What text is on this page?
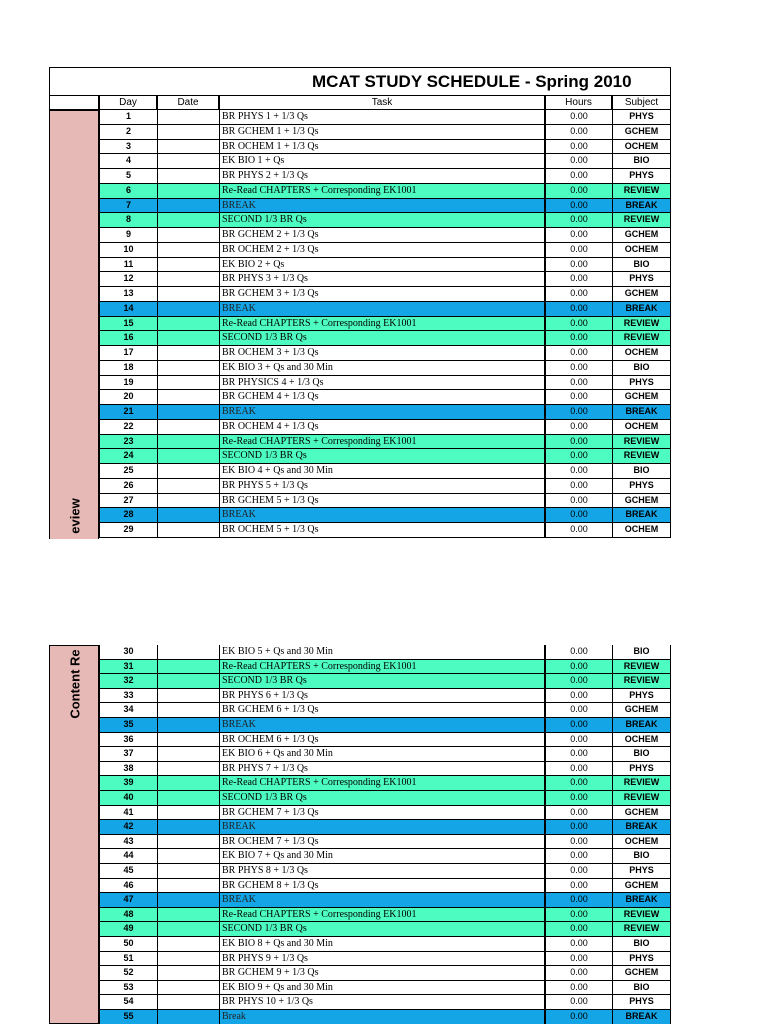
MCAT STUDY SCHEDULE - Spring 2010
Day	Date	Task	Hours	Subject
eview
1	BR PHYS 1 + 1/3 Qs	0.00	PHYS
2	BR GCHEM 1 + 1/3 Qs	0.00	GCHEM
3	BR OCHEM 1 + 1/3 Qs	0.00	OCHEM
4	EK BIO 1 + Qs	0.00	BIO
5	BR PHYS 2 + 1/3 Qs	0.00	PHYS
6	Re-Read CHAPTERS + Corresponding EK1001	0.00	REVIEW
7	BREAK	0.00	BREAK
8	SECOND 1/3 BR Qs	0.00	REVIEW
9	BR GCHEM 2 + 1/3 Qs	0.00	GCHEM
10	BR OCHEM 2 + 1/3 Qs	0.00	OCHEM
11	EK BIO 2 + Qs	0.00	BIO
12	BR PHYS 3 + 1/3 Qs	0.00	PHYS
13	BR GCHEM 3 + 1/3 Qs	0.00	GCHEM
14	BREAK	0.00	BREAK
15	Re-Read CHAPTERS + Corresponding EK1001	0.00	REVIEW
16	SECOND 1/3 BR Qs	0.00	REVIEW
17	BR OCHEM 3 + 1/3 Qs	0.00	OCHEM
18	EK BIO 3 + Qs and 30 Min	0.00	BIO
19	BR PHYSICS 4 + 1/3 Qs	0.00	PHYS
20	BR GCHEM 4 + 1/3 Qs	0.00	GCHEM
21	BREAK	0.00	BREAK
22	BR OCHEM 4 + 1/3 Qs	0.00	OCHEM
23	Re-Read CHAPTERS + Corresponding EK1001	0.00	REVIEW
24	SECOND 1/3 BR Qs	0.00	REVIEW
25	EK BIO 4 + Qs and 30 Min	0.00	BIO
26	BR PHYS 5 + 1/3 Qs	0.00	PHYS
27	BR GCHEM 5 + 1/3 Qs	0.00	GCHEM
28	BREAK	0.00	BREAK
29	BR OCHEM 5 + 1/3 Qs	0.00	OCHEM
Content Re	30	EK BIO 5 + Qs and 30 Min	0.00	BIO
31	Re-Read CHAPTERS + Corresponding EK1001	0.00	REVIEW
32	SECOND 1/3 BR Qs	0.00	REVIEW
33	BR PHYS 6 + 1/3 Qs	0.00	PHYS
34	BR GCHEM 6 + 1/3 Qs	0.00	GCHEM
35	BREAK	0.00	BREAK
36	BR OCHEM 6 + 1/3 Qs	0.00	OCHEM
37	EK BIO 6 + Qs and 30 Min	0.00	BIO
38	BR PHYS 7 + 1/3 Qs	0.00	PHYS
39	Re-Read CHAPTERS + Corresponding EK1001	0.00	REVIEW
40	SECOND 1/3 BR Qs	0.00	REVIEW
41	BR GCHEM 7 + 1/3 Qs	0.00	GCHEM
42	BREAK	0.00	BREAK
43	BR OCHEM 7 + 1/3 Qs	0.00	OCHEM
44	EK BIO 7 + Qs and 30 Min	0.00	BIO
45	BR PHYS 8 + 1/3 Qs	0.00	PHYS
46	BR GCHEM 8 + 1/3 Qs	0.00	GCHEM
47	BREAK	0.00	BREAK
48	Re-Read CHAPTERS + Corresponding EK1001	0.00	REVIEW
49	SECOND 1/3 BR Qs	0.00	REVIEW
50	EK BIO 8 + Qs and 30 Min	0.00	BIO
51	BR PHYS 9 + 1/3 Qs	0.00	PHYS
52	BR GCHEM 9 + 1/3 Qs	0.00	GCHEM
53	EK BIO 9 + Qs and 30 Min	0.00	BIO
54	BR PHYS 10 + 1/3 Qs	0.00	PHYS
55	Break	0.00	BREAK
